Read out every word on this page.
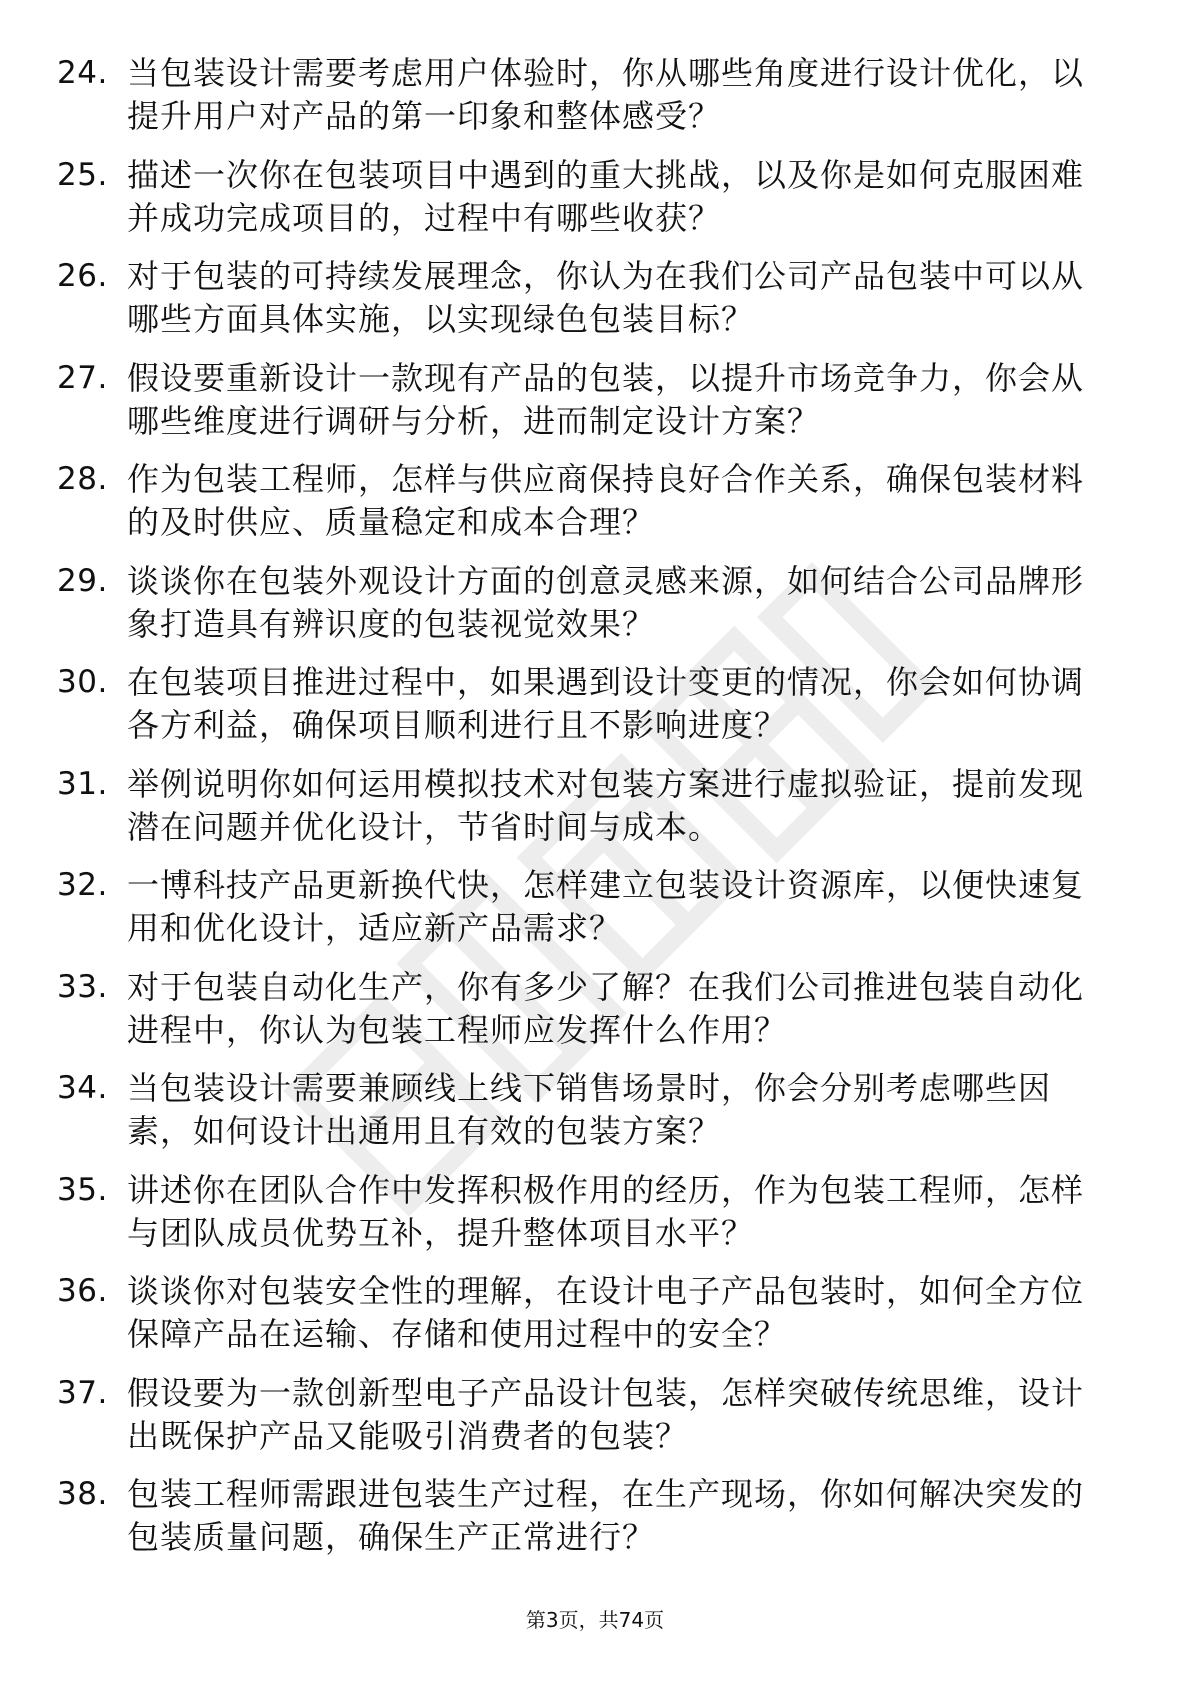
24. 当包装设计需要考虑用户体验时，你从哪些角度进行设计优化，以提升用户对产品的第一印象和整体感受？
25. 描述一次你在包装项目中遇到的重大挑战，以及你是如何克服困难并成功完成项目的，过程中有哪些收获？
26. 对于包装的可持续发展理念，你认为在我们公司产品包装中可以从哪些方面具体实施，以实现绿色包装目标？
27. 假设要重新设计一款现有产品的包装，以提升市场竞争力，你会从哪些维度进行调研与分析，进而制定设计方案？
28. 作为包装工程师，怎样与供应商保持良好合作关系，确保包装材料的及时供应、质量稳定和成本合理？
29. 谈谈你在包装外观设计方面的创意灵感来源，如何结合公司品牌形象打造具有辨识度的包装视觉效果？
30. 在包装项目推进过程中，如果遇到设计变更的情况，你会如何协调各方利益，确保项目顺利进行且不影响进度？
31. 举例说明你如何运用模拟技术对包装方案进行虚拟验证，提前发现潜在问题并优化设计，节省时间与成本。
32. 一博科技产品更新换代快，怎样建立包装设计资源库，以便快速复用和优化设计，适应新产品需求？
33. 对于包装自动化生产，你有多少了解？在我们公司推进包装自动化进程中，你认为包装工程师应发挥什么作用？
34. 当包装设计需要兼顾线上线下销售场景时，你会分别考虑哪些因素，如何设计出通用且有效的包装方案？
35. 讲述你在团队合作中发挥积极作用的经历，作为包装工程师，怎样与团队成员优势互补，提升整体项目水平？
36. 谈谈你对包装安全性的理解，在设计电子产品包装时，如何全方位保障产品在运输、存储和使用过程中的安全？
37. 假设要为一款创新型电子产品设计包装，怎样突破传统思维，设计出既保护产品又能吸引消费者的包装？
38. 包装工程师需跟进包装生产过程，在生产现场，你如何解决突发的包装质量问题，确保生产正常进行？
第3页，共74页
